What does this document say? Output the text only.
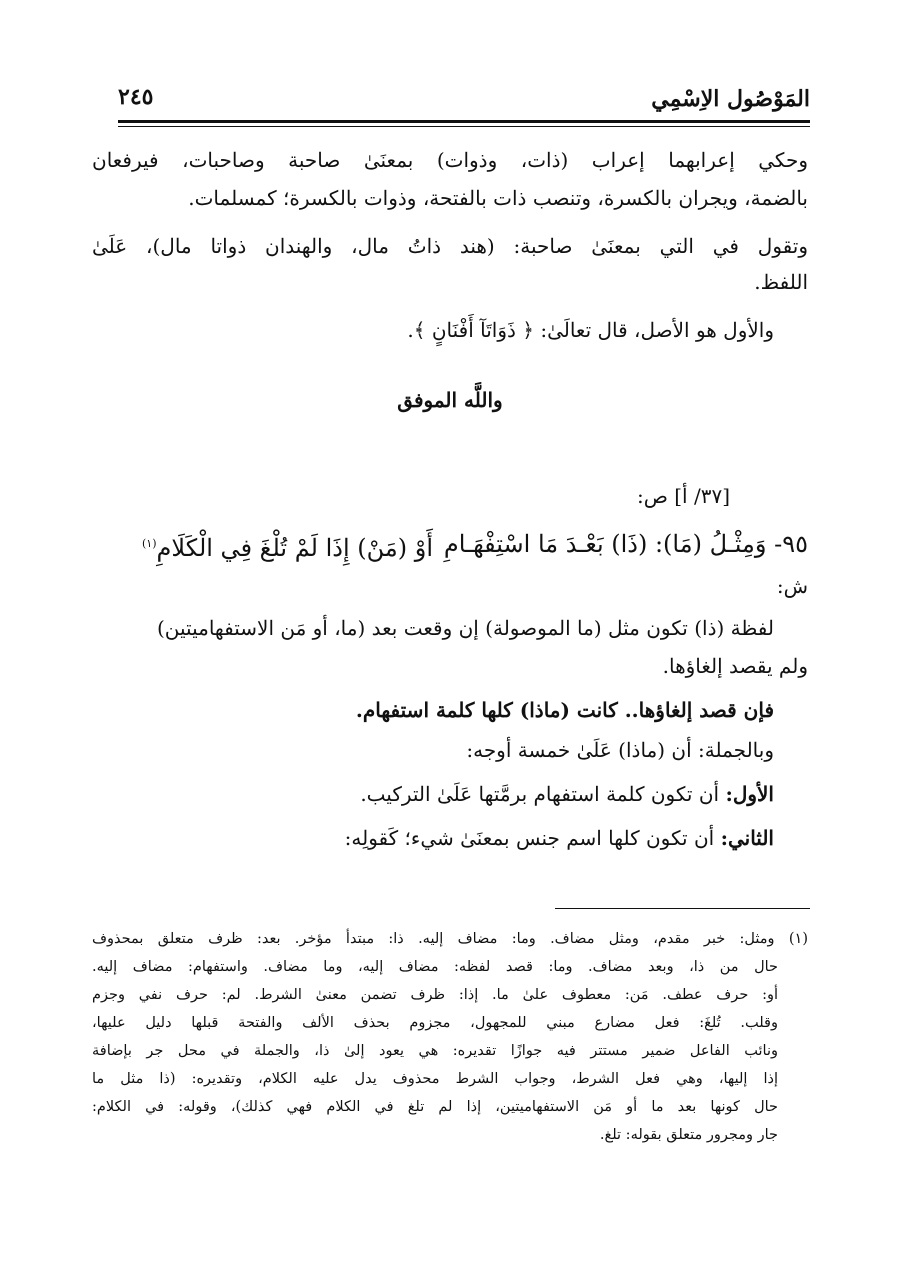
المَوْصُول الاِسْمِي
٢٤٥
وحكي إعرابهما إعراب (ذات، وذوات) بمعنَىٰ صاحبة وصاحبات، فيرفعان
بالضمة، ويجران بالكسرة، وتنصب ذات بالفتحة، وذوات بالكسرة؛ كمسلمات.
وتقول في التي بمعنَىٰ صاحبة: (هند ذاتُ مال، والهندان ذواتا مال)، عَلَىٰ
اللفظ.
والأول هو الأصل، قال تعالَىٰ: ﴿ ذَوَاتَآ أَفْنَانٍ ﴾.
واللَّه الموفق
[٣٧/ أ] ص:
٩٥- وَمِثْـلُ (مَا): (ذَا) بَعْـدَ مَا اسْتِفْهَـامِ
أَوْ (مَنْ) إِذَا لَمْ تُلْغَ فِي الْكَلَامِ$^{(١)}$
ش:
لفظة (ذا) تكون مثل (ما الموصولة) إن وقعت بعد (ما، أو مَن الاستفهاميتين)
ولم يقصد إلغاؤها.
فإن قصد إلغاؤها.. كانت (ماذا) كلها كلمة استفهام.
وبالجملة: أن (ماذا) عَلَىٰ خمسة أوجه:
الأول: أن تكون كلمة استفهام برمَّتها عَلَىٰ التركيب.
الثاني: أن تكون كلها اسم جنس بمعنَىٰ شيء؛ كَقولِه:
(١) ومثل: خبر مقدم، ومثل مضاف. وما: مضاف إليه. ذا: مبتدأ مؤخر. بعد: ظرف متعلق بمحذوف
حال من ذا، وبعد مضاف. وما: قصد لفظه: مضاف إليه، وما مضاف. واستفهام: مضاف إليه.
أو: حرف عطف. مَن: معطوف علىٰ ما. إذا: ظرف تضمن معنىٰ الشرط. لم: حرف نفي وجزم
وقلب. تُلغَ: فعل مضارع مبني للمجهول، مجزوم بحذف الألف والفتحة قبلها دليل عليها،
ونائب الفاعل ضمير مستتر فيه جوازًا تقديره: هي يعود إلىٰ ذا، والجملة في محل جر بإضافة
إذا إليها، وهي فعل الشرط، وجواب الشرط محذوف يدل عليه الكلام، وتقديره: (ذا مثل ما
حال كونها بعد ما أو مَن الاستفهاميتين، إذا لم تلغ في الكلام فهي كذلك)، وقوله: في الكلام:
جار ومجرور متعلق بقوله: تلغ.
